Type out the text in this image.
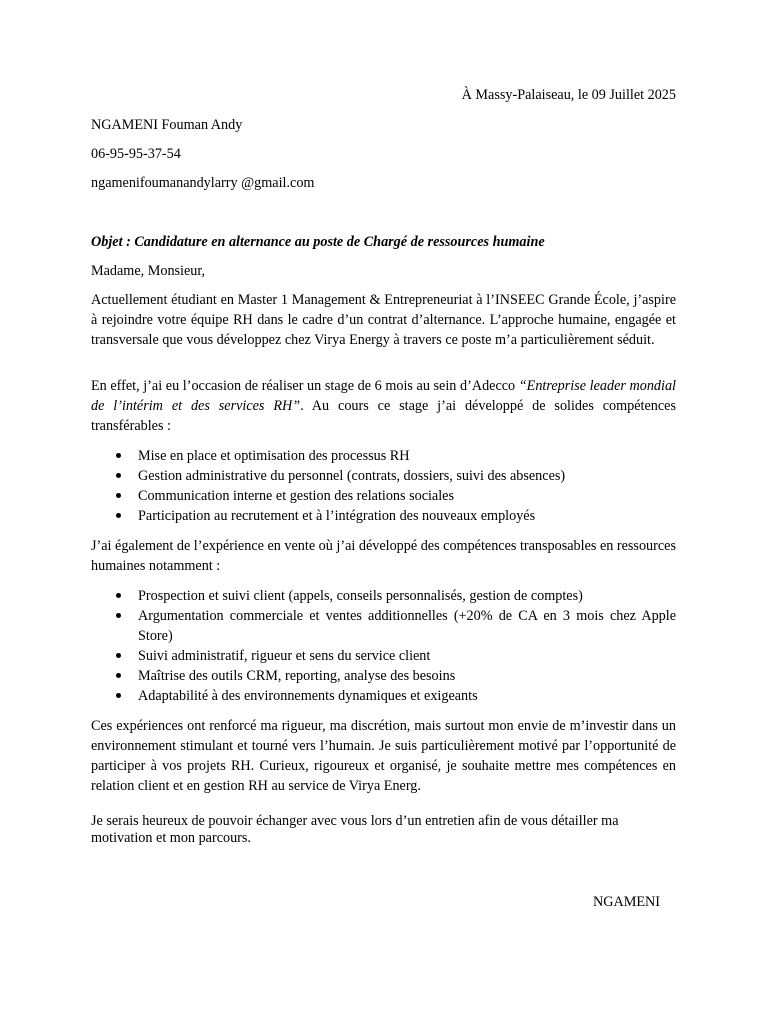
À Massy-Palaiseau, le 09 Juillet 2025

NGAMENI Fouman Andy

06-95-95-37-54

ngamenifoumanandylarry @gmail.com

Objet : Candidature en alternance au poste de Chargé de ressources humaine

Madame, Monsieur,

Actuellement étudiant en Master 1 Management & Entrepreneuriat à l’INSEEC Grande École, j’aspire à rejoindre votre équipe RH dans le cadre d’un contrat d’alternance. L’approche humaine, engagée et transversale que vous développez chez Virya Energy à travers ce poste m’a particulièrement séduit.

En effet, j’ai eu l’occasion de réaliser un stage de 6 mois au sein d’Adecco “Entreprise leader mondial de l’intérim et des services RH”. Au cours ce stage j’ai développé de solides compétences transférables :

Mise en place et optimisation des processus RH
Gestion administrative du personnel (contrats, dossiers, suivi des absences)
Communication interne et gestion des relations sociales
Participation au recrutement et à l’intégration des nouveaux employés

J’ai également de l’expérience en vente où j’ai développé des compétences transposables en ressources humaines notamment :

Prospection et suivi client (appels, conseils personnalisés, gestion de comptes)
Argumentation commerciale et ventes additionnelles (+20% de CA en 3 mois chez Apple Store)
Suivi administratif, rigueur et sens du service client
Maîtrise des outils CRM, reporting, analyse des besoins
Adaptabilité à des environnements dynamiques et exigeants

Ces expériences ont renforcé ma rigueur, ma discrétion, mais surtout mon envie de m’investir dans un environnement stimulant et tourné vers l’humain. Je suis particulièrement motivé par l’opportunité de participer à vos projets RH. Curieux, rigoureux et organisé, je souhaite mettre mes compétences en relation client et en gestion RH au service de Virya Energ.

Je serais heureux de pouvoir échanger avec vous lors d’un entretien afin de vous détailler ma motivation et mon parcours.

NGAMENI
